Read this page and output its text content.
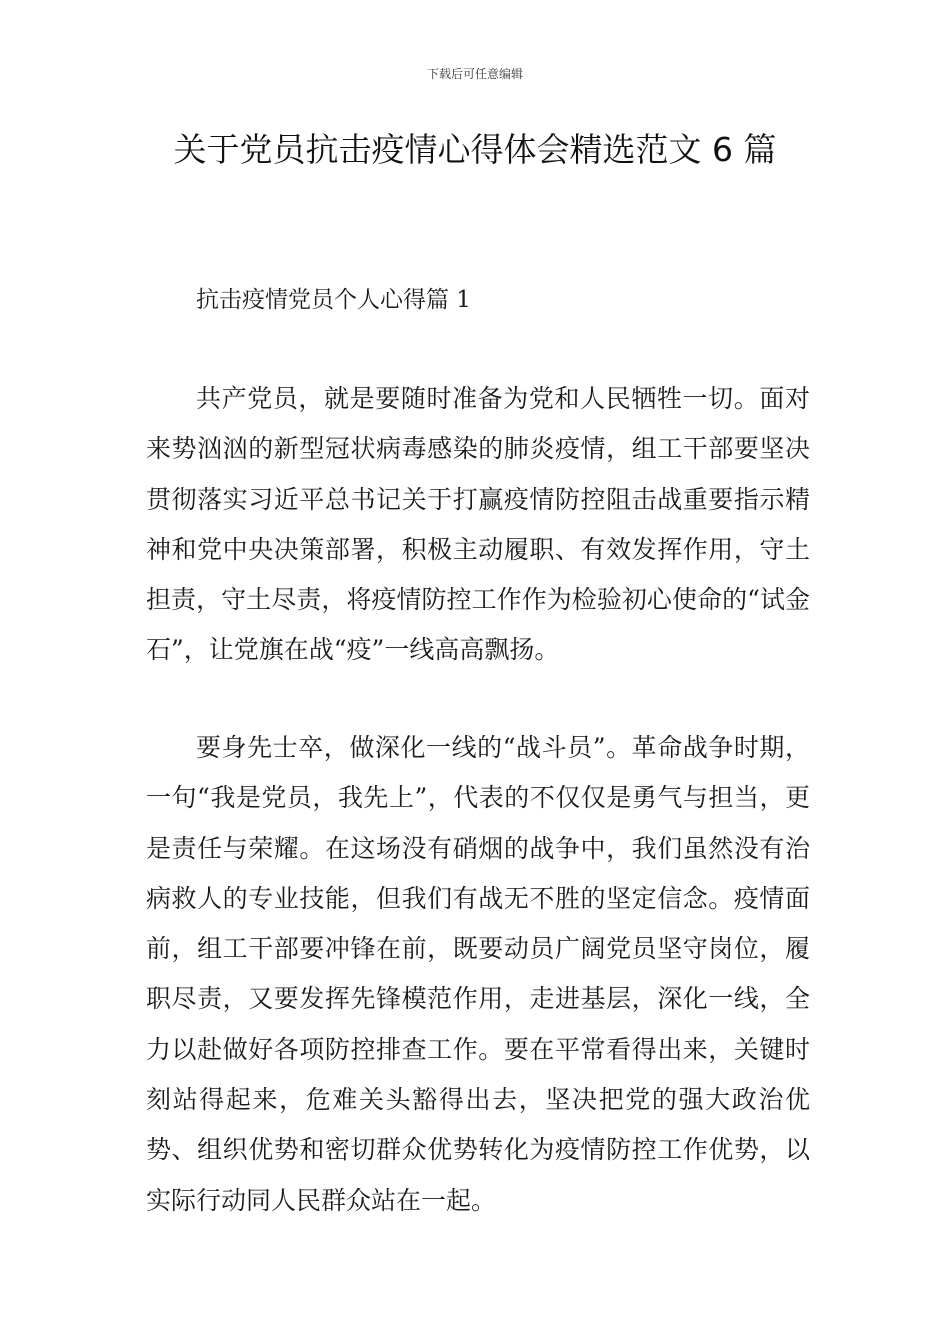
下载后可任意编辑
关于党员抗击疫情心得体会精选范文 6 篇
抗击疫情党员个人心得篇 1

共产党员，就是要随时准备为党和人民牺牲一切。面对来势汹汹的新型冠状病毒感染的肺炎疫情，组工干部要坚决贯彻落实习近平总书记关于打赢疫情防控阻击战重要指示精神和党中央决策部署，积极主动履职、有效发挥作用，守土担责，守土尽责，将疫情防控工作作为检验初心使命的“试金石”，让党旗在战“疫”一线高高飘扬。

要身先士卒，做深化一线的“战斗员”。革命战争时期，一句“我是党员，我先上”，代表的不仅仅是勇气与担当，更是责任与荣耀。在这场没有硝烟的战争中，我们虽然没有治病救人的专业技能，但我们有战无不胜的坚定信念。疫情面前，组工干部要冲锋在前，既要动员广阔党员坚守岗位，履职尽责，又要发挥先锋模范作用，走进基层，深化一线，全力以赴做好各项防控排查工作。要在平常看得出来，关键时刻站得起来，危难关头豁得出去，坚决把党的强大政治优势、组织优势和密切群众优势转化为疫情防控工作优势，以实际行动同人民群众站在一起。
